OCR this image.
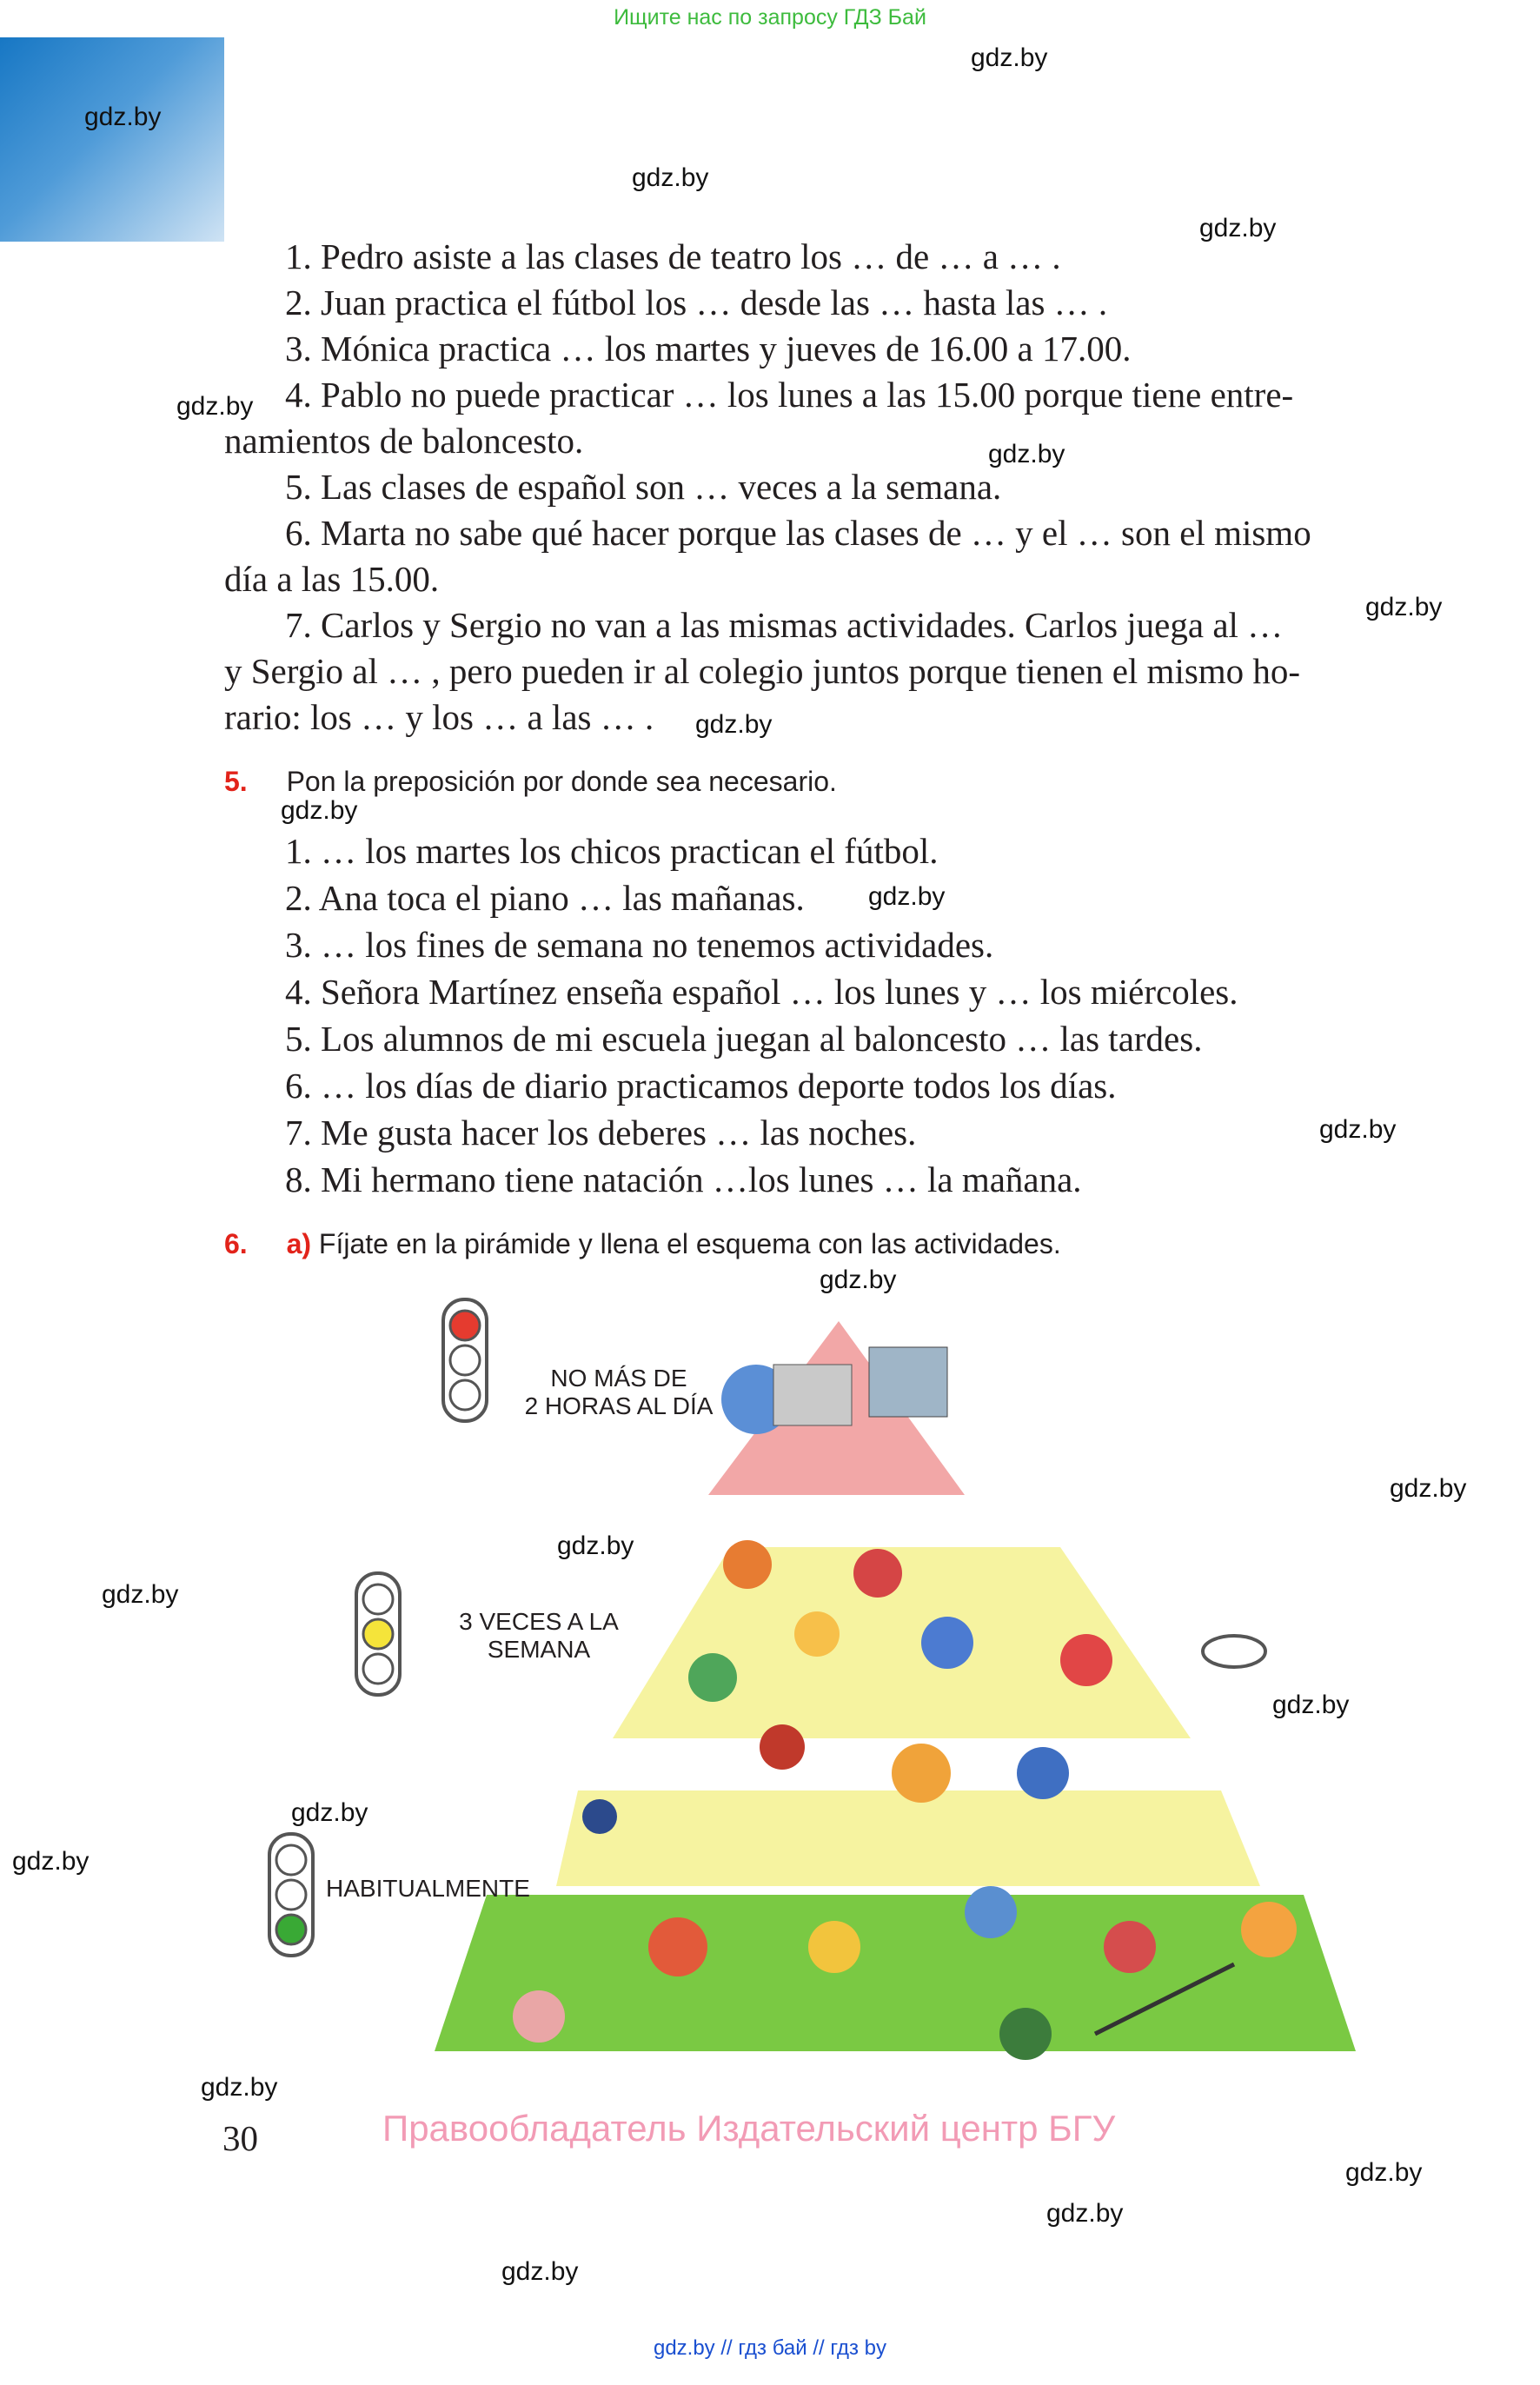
Ищите нас по запросу ГДЗ Бай
gdz.by
gdz.by
gdz.by
gdz.by
gdz.by
gdz.by
gdz.by
gdz.by
gdz.by
gdz.by
gdz.by
gdz.by
gdz.by
gdz.by
gdz.by
gdz.by
gdz.by
gdz.by
gdz.by
gdz.by
gdz.by
gdz.by
1. Pedro asiste a las clases de teatro los … de … a … .
2. Juan practica el fútbol los … desde las … hasta las … .
3. Mónica practica … los martes y jueves de 16.00 a 17.00.
4. Pablo no puede practicar … los lunes a las 15.00 porque tiene entre-
namientos de baloncesto.
5. Las clases de español son … veces a la semana.
6. Marta no sabe qué hacer porque las clases de … y el … son el mismo
día a las 15.00.
7. Carlos y Sergio no van a las mismas actividades. Carlos juega al …
y Sergio al … , pero pueden ir al colegio juntos porque tienen el mismo ho-
rario: los … y los … a las … .
5. Pon la preposición por donde sea necesario.
1. … los martes los chicos practican el fútbol.
2. Ana toca el piano … las mañanas.
3. … los fines de semana no tenemos actividades.
4. Señora Martínez enseña español … los lunes y … los miércoles.
5. Los alumnos de mi escuela juegan al baloncesto … las tardes.
6. … los días de diario practicamos deporte todos los días.
7. Me gusta hacer los deberes … las noches.
8. Mi hermano tiene natación …los lunes … la mañana.
6. a) Fíjate en la pirámide y llena el esquema con las actividades.
NO MÁS DE
2 HORAS AL DÍA
3 VECES A LA
SEMANA
HABITUALMENTE
Правообладатель Издательский центр БГУ
30
gdz.by // гдз бай // гдз by
